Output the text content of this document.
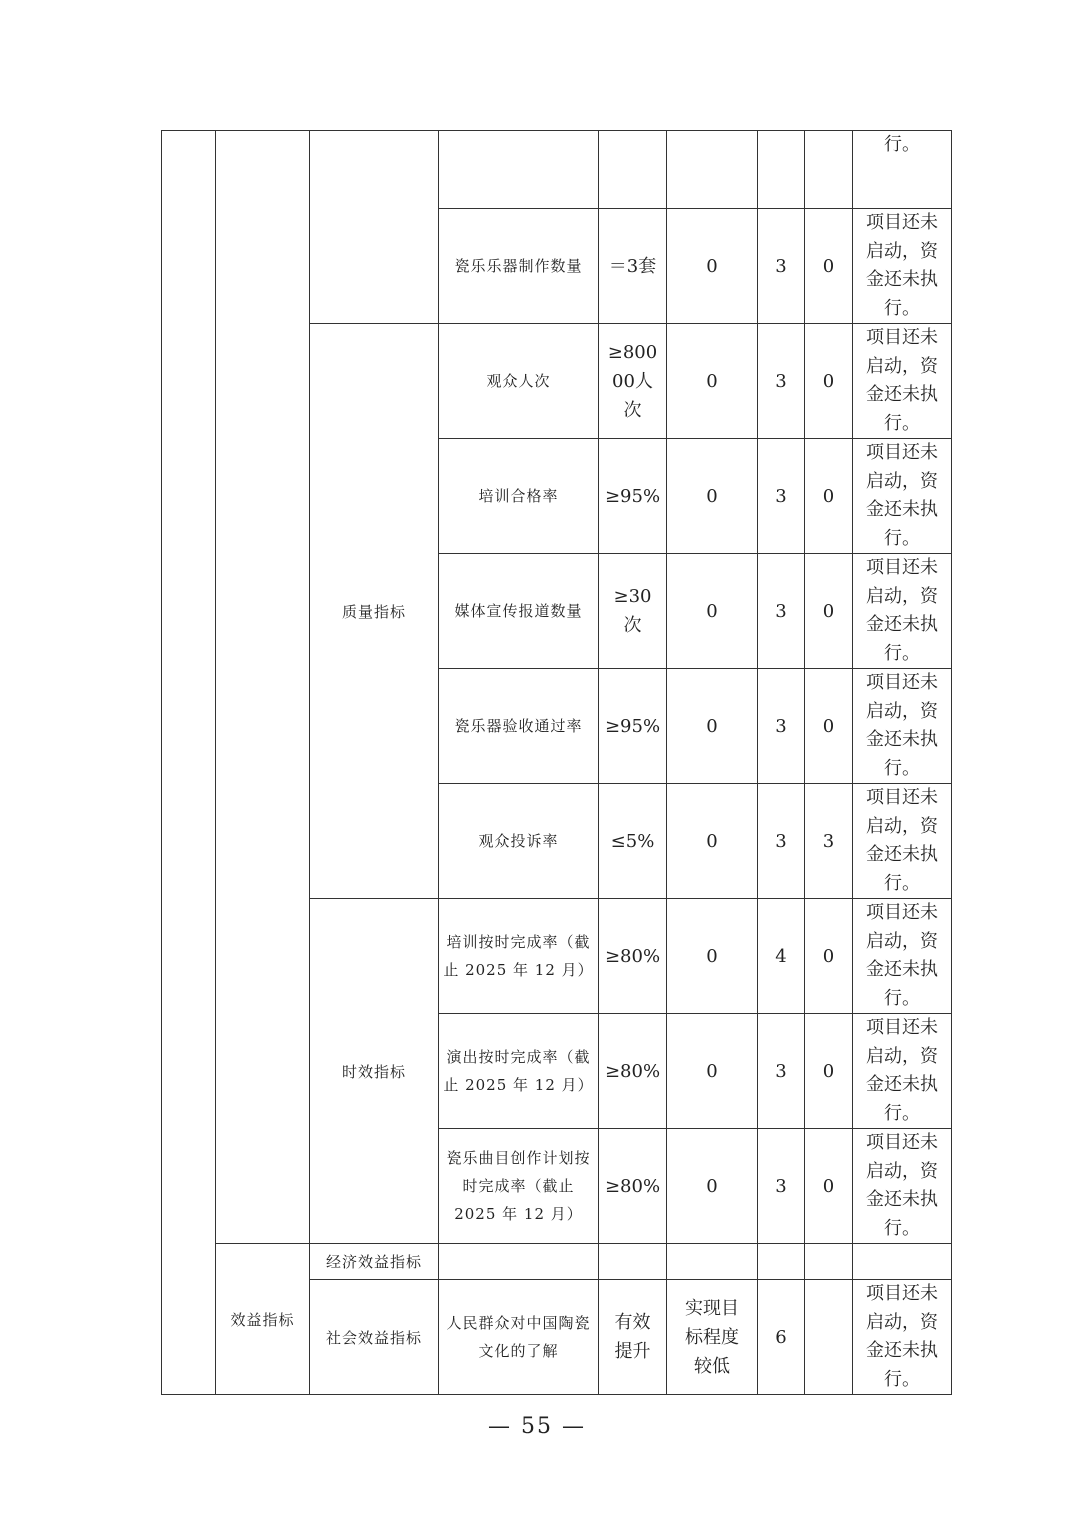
								行。
			瓷乐乐器制作数量	＝3套	0	3	0	项目还未启动，资金还未执行。
		质量指标	观众人次	≥80000人次	0	3	0	项目还未启动，资金还未执行。
			培训合格率	≥95%	0	3	0	项目还未启动，资金还未执行。
			媒体宣传报道数量	≥30次	0	3	0	项目还未启动，资金还未执行。
			瓷乐器验收通过率	≥95%	0	3	0	项目还未启动，资金还未执行。
			观众投诉率	≤5%	0	3	3	项目还未启动，资金还未执行。
		时效指标	培训按时完成率（截止 2025 年 12 月）	≥80%	0	4	0	项目还未启动，资金还未执行。
			演出按时完成率（截止 2025 年 12 月）	≥80%	0	3	0	项目还未启动，资金还未执行。
			瓷乐曲目创作计划按时完成率（截止 2025 年 12 月）	≥80%	0	3	0	项目还未启动，资金还未执行。
	效益指标	经济效益指标						
		社会效益指标	人民群众对中国陶瓷文化的了解	有效提升	实现目标程度较低	6		项目还未启动，资金还未执行。
— 55 —
